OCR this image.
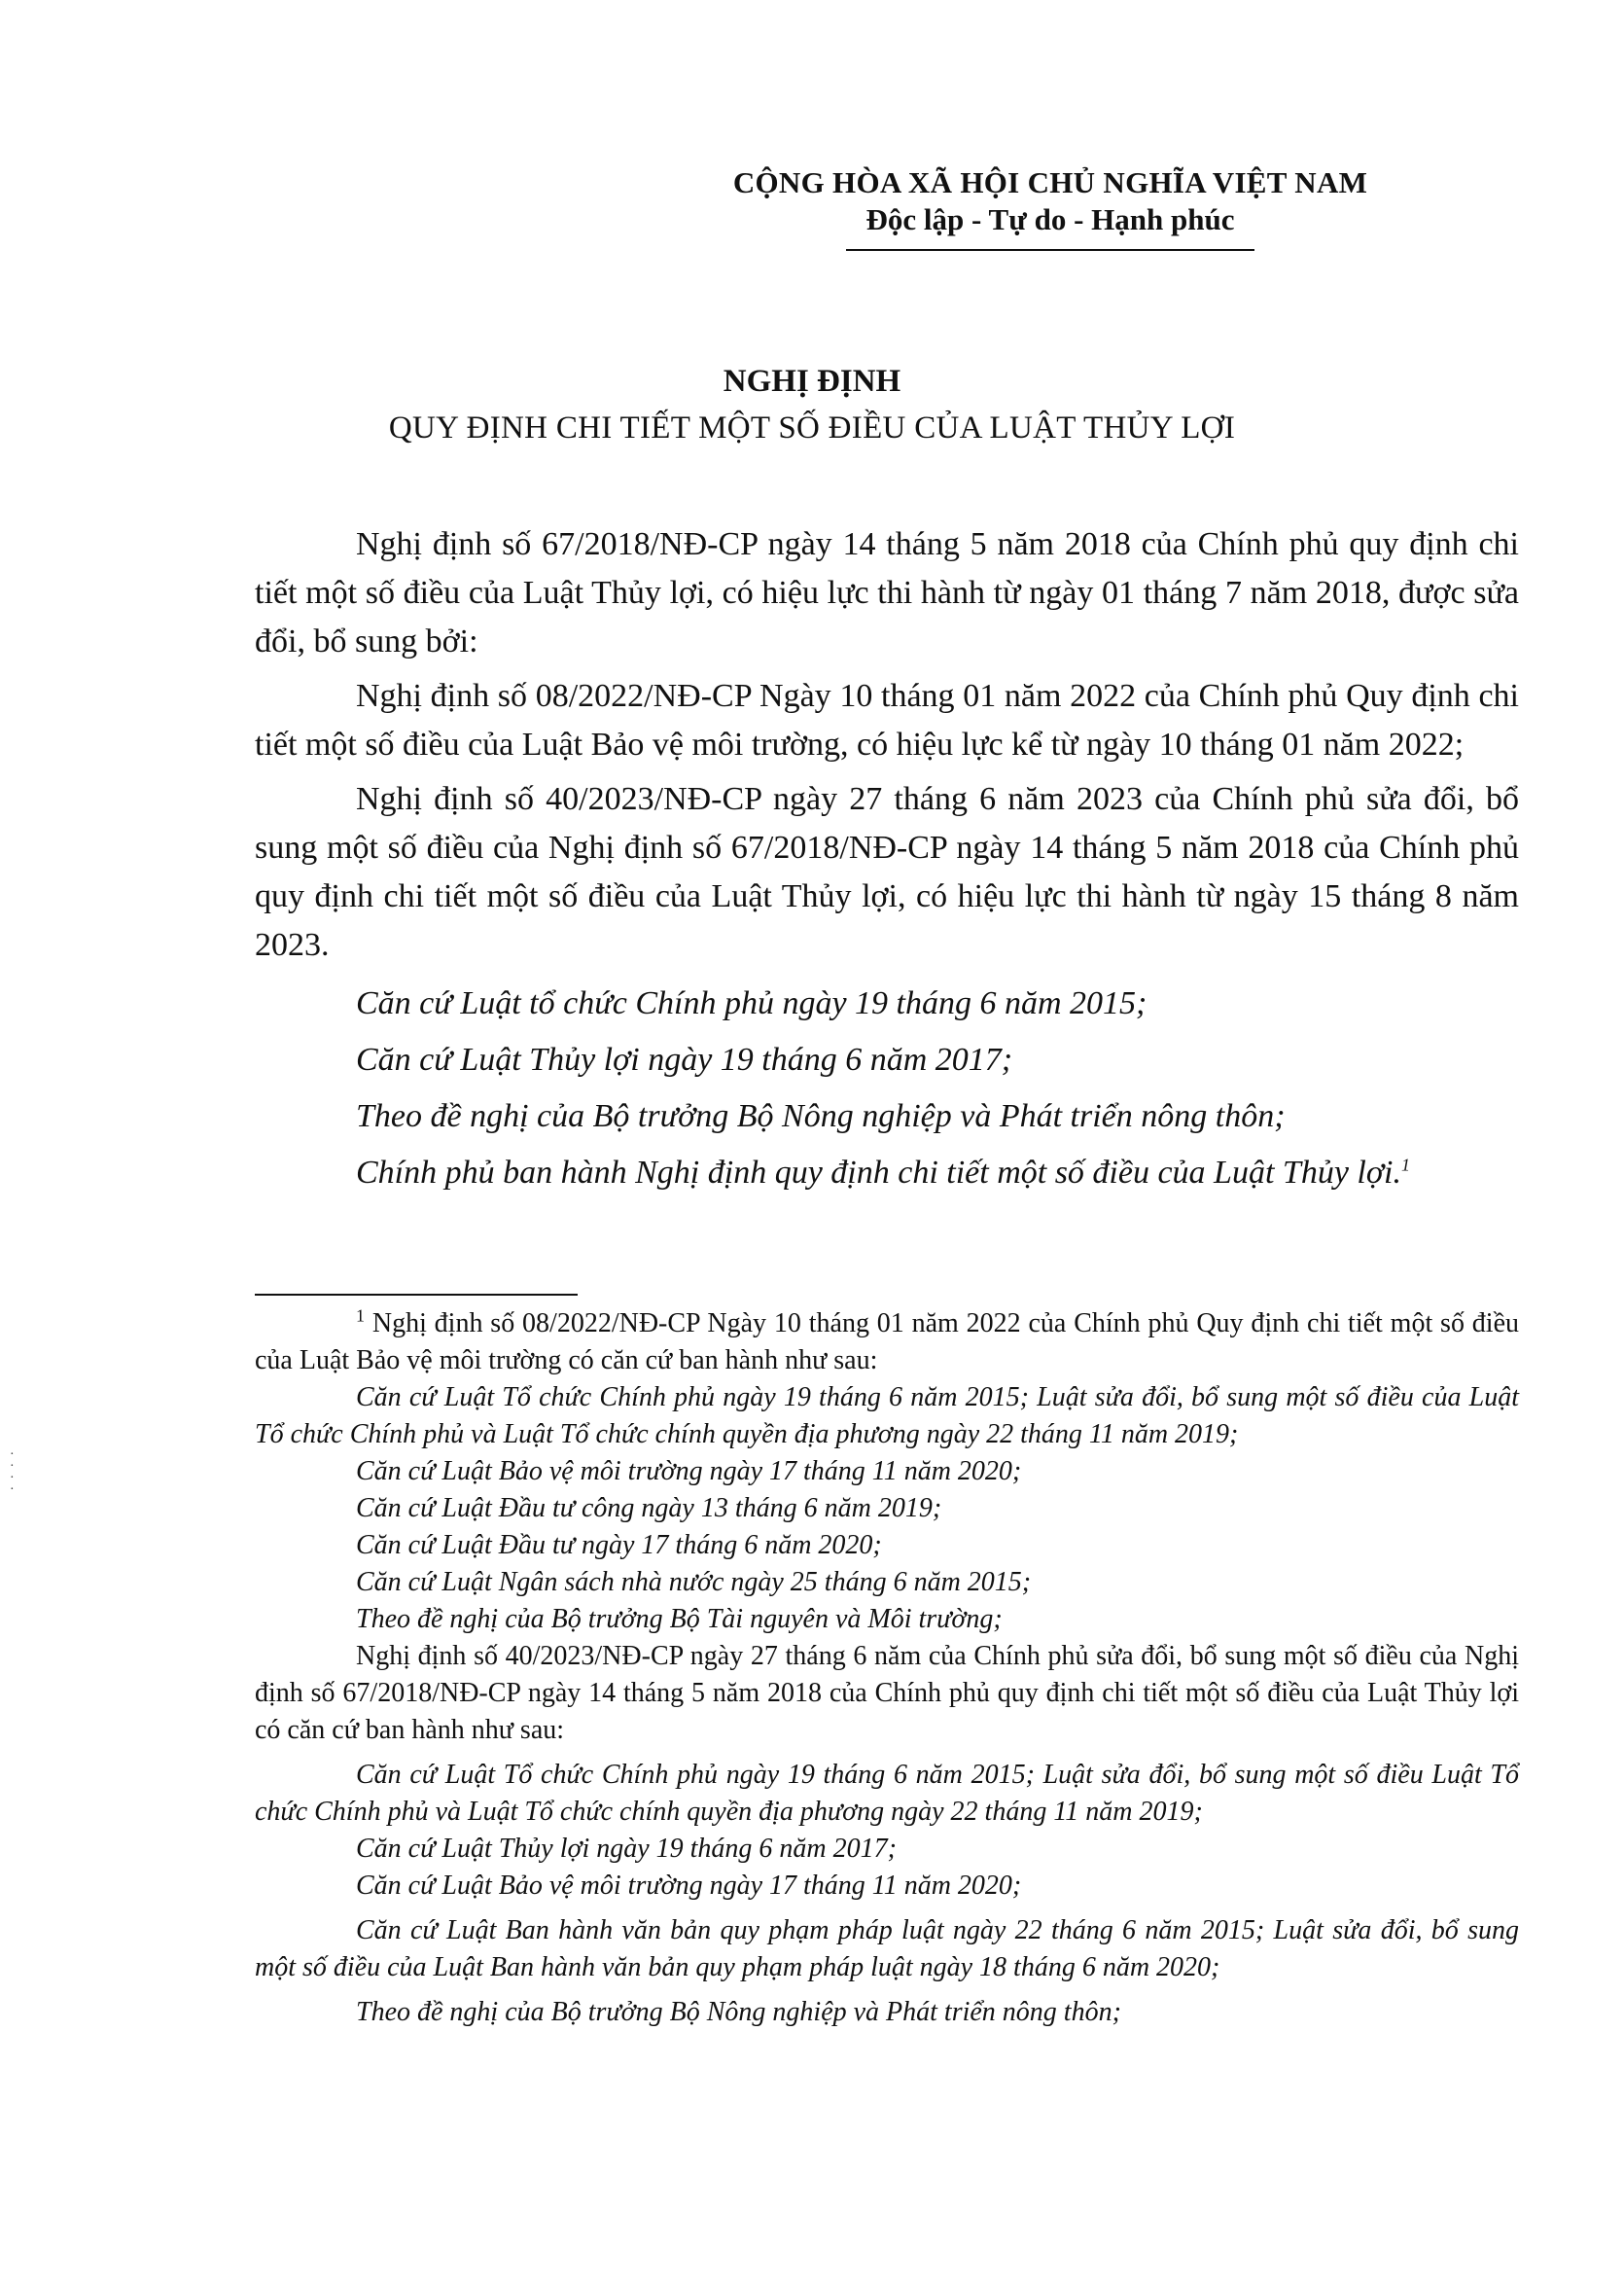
CỘNG HÒA XÃ HỘI CHỦ NGHĨA VIỆT NAM
Độc lập - Tự do - Hạnh phúc
NGHỊ ĐỊNH
QUY ĐỊNH CHI TIẾT MỘT SỐ ĐIỀU CỦA LUẬT THỦY LỢI

Nghị định số 67/2018/NĐ-CP ngày 14 tháng 5 năm 2018 của Chính phủ quy định chi tiết một số điều của Luật Thủy lợi, có hiệu lực thi hành từ ngày 01 tháng 7 năm 2018, được sửa đổi, bổ sung bởi:

Nghị định số 08/2022/NĐ-CP Ngày 10 tháng 01 năm 2022 của Chính phủ Quy định chi tiết một số điều của Luật Bảo vệ môi trường, có hiệu lực kể từ ngày 10 tháng 01 năm 2022;

Nghị định số 40/2023/NĐ-CP ngày 27 tháng 6 năm 2023 của Chính phủ sửa đổi, bổ sung một số điều của Nghị định số 67/2018/NĐ-CP ngày 14 tháng 5 năm 2018 của Chính phủ quy định chi tiết một số điều của Luật Thủy lợi, có hiệu lực thi hành từ ngày 15 tháng 8 năm 2023.

Căn cứ Luật tổ chức Chính phủ ngày 19 tháng 6 năm 2015;

Căn cứ Luật Thủy lợi ngày 19 tháng 6 năm 2017;

Theo đề nghị của Bộ trưởng Bộ Nông nghiệp và Phát triển nông thôn;

Chính phủ ban hành Nghị định quy định chi tiết một số điều của Luật Thủy lợi.$^1$

$^1$ Nghị định số 08/2022/NĐ-CP Ngày 10 tháng 01 năm 2022 của Chính phủ Quy định chi tiết một số điều của Luật Bảo vệ môi trường có căn cứ ban hành như sau:

Căn cứ Luật Tổ chức Chính phủ ngày 19 tháng 6 năm 2015; Luật sửa đổi, bổ sung một số điều của Luật Tổ chức Chính phủ và Luật Tổ chức chính quyền địa phương ngày 22 tháng 11 năm 2019;

Căn cứ Luật Bảo vệ môi trường ngày 17 tháng 11 năm 2020;

Căn cứ Luật Đầu tư công ngày 13 tháng 6 năm 2019;

Căn cứ Luật Đầu tư ngày 17 tháng 6 năm 2020;

Căn cứ Luật Ngân sách nhà nước ngày 25 tháng 6 năm 2015;

Theo đề nghị của Bộ trưởng Bộ Tài nguyên và Môi trường;

Nghị định số 40/2023/NĐ-CP ngày 27 tháng 6 năm của Chính phủ sửa đổi, bổ sung một số điều của Nghị định số 67/2018/NĐ-CP ngày 14 tháng 5 năm 2018 của Chính phủ quy định chi tiết một số điều của Luật Thủy lợi có căn cứ ban hành như sau:

Căn cứ Luật Tổ chức Chính phủ ngày 19 tháng 6 năm 2015; Luật sửa đổi, bổ sung một số điều Luật Tổ chức Chính phủ và Luật Tổ chức chính quyền địa phương ngày 22 tháng 11 năm 2019;

Căn cứ Luật Thủy lợi ngày 19 tháng 6 năm 2017;

Căn cứ Luật Bảo vệ môi trường ngày 17 tháng 11 năm 2020;

Căn cứ Luật Ban hành văn bản quy phạm pháp luật ngày 22 tháng 6 năm 2015; Luật sửa đổi, bổ sung một số điều của Luật Ban hành văn bản quy phạm pháp luật ngày 18 tháng 6 năm 2020;

Theo đề nghị của Bộ trưởng Bộ Nông nghiệp và Phát triển nông thôn;

·
·
·
·
